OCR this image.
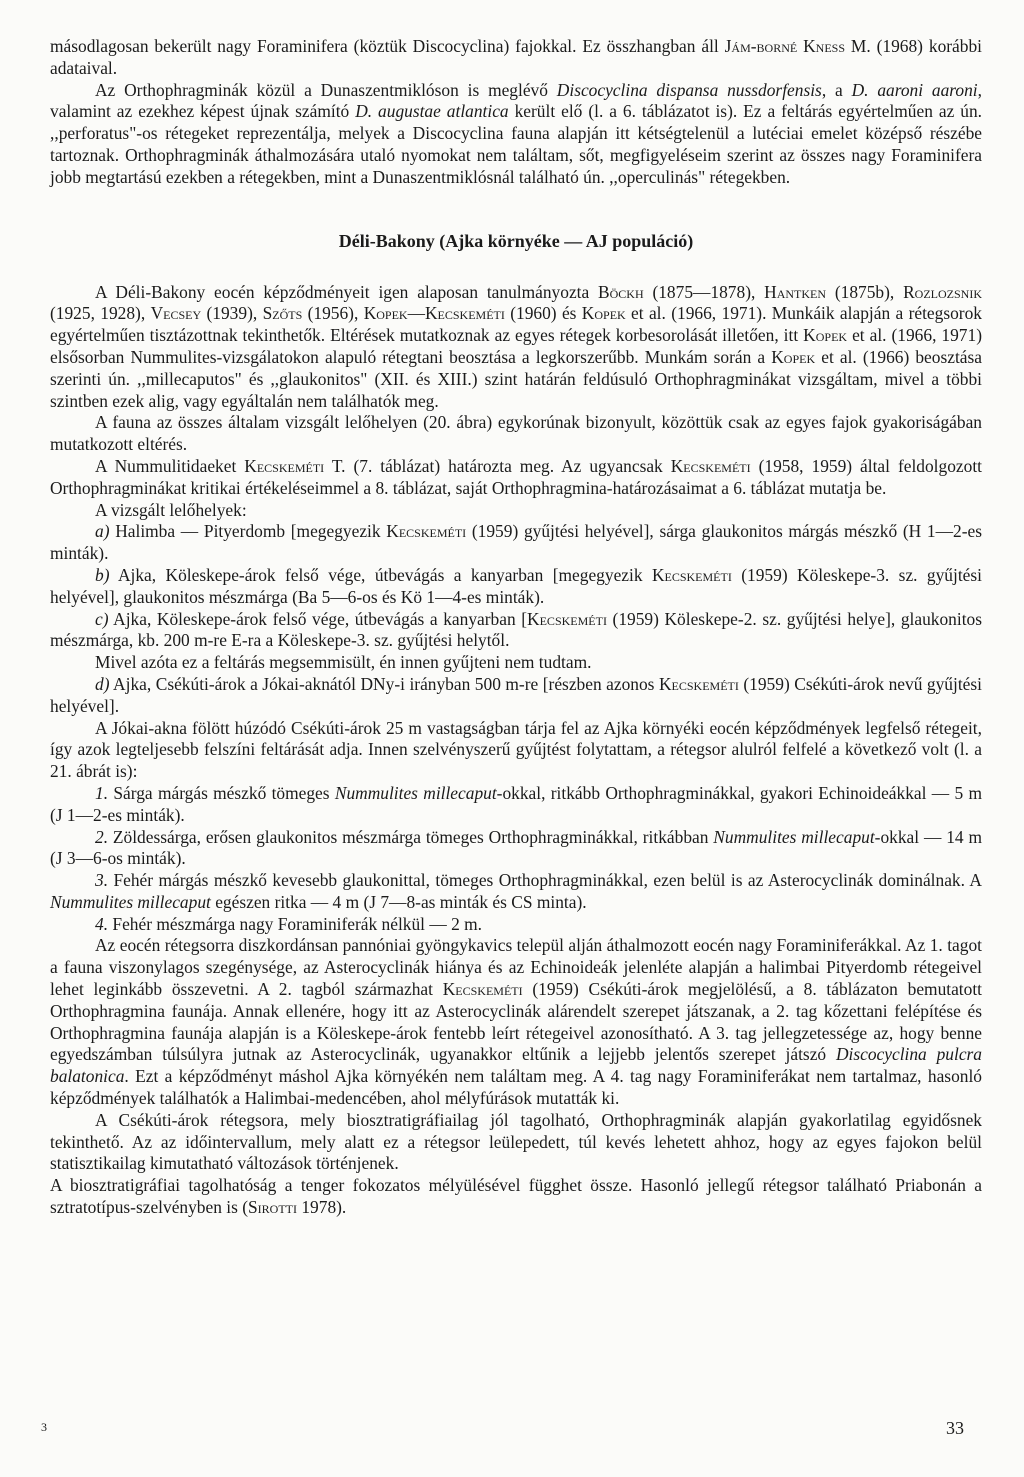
másodlagosan bekerült nagy Foraminifera (köztük Discocyclina) fajokkal. Ez összhangban áll Jám-borné Kness M. (1968) korábbi adataival.

Az Orthophragminák közül a Dunaszentmiklóson is meglévő Discocyclina dispansa nussdorfensis, a D. aaroni aaroni, valamint az ezekhez képest újnak számító D. augustae atlantica került elő (l. a 6. táblázatot is). Ez a feltárás egyértelműen az ún. ,,perforatus"-os rétegeket reprezentálja, melyek a Discocyclina fauna alapján itt kétségtelenül a lutéciai emelet középső részébe tartoznak. Orthophragminák áthalmozására utaló nyomokat nem találtam, sőt, megfigyeléseim szerint az összes nagy Foraminifera jobb megtartású ezekben a rétegekben, mint a Dunaszentmiklósnál található ún. ,,operculinás" rétegekben.

Déli-Bakony (Ajka környéke — AJ populáció)

A Déli-Bakony eocén képződményeit igen alaposan tanulmányozta Böckh (1875—1878), Hantken (1875b), Rozlozsnik (1925, 1928), Vecsey (1939), Szőts (1956), Kopek—Kecskeméti (1960) és Kopek et al. (1966, 1971). Munkáik alapján a rétegsorok egyértelműen tisztázottnak tekinthetők. Eltérések mutatkoznak az egyes rétegek korbesorolását illetően, itt Kopek et al. (1966, 1971) elsősorban Nummulites-vizsgálatokon alapuló rétegtani beosztása a legkorszerűbb. Munkám során a Kopek et al. (1966) beosztása szerinti ún. ,,millecaputos" és ,,glaukonitos" (XII. és XIII.) szint határán feldúsuló Orthophragminákat vizsgáltam, mivel a többi szintben ezek alig, vagy egyáltalán nem találhatók meg.

A fauna az összes általam vizsgált lelőhelyen (20. ábra) egykorúnak bizonyult, közöttük csak az egyes fajok gyakoriságában mutatkozott eltérés.

A Nummulitidaeket Kecskeméti T. (7. táblázat) határozta meg. Az ugyancsak Kecskeméti (1958, 1959) által feldolgozott Orthophragminákat kritikai értékeléseimmel a 8. táblázat, saját Orthophragmina-határozásaimat a 6. táblázat mutatja be.

A vizsgált lelőhelyek:

a) Halimba — Pityerdomb [megegyezik Kecskeméti (1959) gyűjtési helyével], sárga glaukonitos márgás mészkő (H 1—2-es minták).

b) Ajka, Köleskepe-árok felső vége, útbevágás a kanyarban [megegyezik Kecskeméti (1959) Köleskepe-3. sz. gyűjtési helyével], glaukonitos mészmárga (Ba 5—6-os és Kö 1—4-es minták).

c) Ajka, Köleskepe-árok felső vége, útbevágás a kanyarban [Kecskeméti (1959) Köleskepe-2. sz. gyűjtési helye], glaukonitos mészmárga, kb. 200 m-re E-ra a Köleskepe-3. sz. gyűjtési helytől.

Mivel azóta ez a feltárás megsemmisült, én innen gyűjteni nem tudtam.

d) Ajka, Csékúti-árok a Jókai-aknától DNy-i irányban 500 m-re [részben azonos Kecskeméti (1959) Csékúti-árok nevű gyűjtési helyével].

A Jókai-akna fölött húzódó Csékúti-árok 25 m vastagságban tárja fel az Ajka környéki eocén képződmények legfelső rétegeit, így azok legteljesebb felszíni feltárását adja. Innen szelvényszerű gyűjtést folytattam, a rétegsor alulról felfelé a következő volt (l. a 21. ábrát is):

1. Sárga márgás mészkő tömeges Nummulites millecaput-okkal, ritkább Orthophragminákkal, gyakori Echinoideákkal — 5 m (J 1—2-es minták).

2. Zöldessárga, erősen glaukonitos mészmárga tömeges Orthophragminákkal, ritkábban Nummulites millecaput-okkal — 14 m (J 3—6-os minták).

3. Fehér márgás mészkő kevesebb glaukonittal, tömeges Orthophragminákkal, ezen belül is az Asterocyclinák dominálnak. A Nummulites millecaput egészen ritka — 4 m (J 7—8-as minták és CS minta).

4. Fehér mészmárga nagy Foraminiferák nélkül — 2 m.

Az eocén rétegsorra diszkordánsan pannóniai gyöngykavics települ alján áthalmozott eocén nagy Foraminiferákkal. Az 1. tagot a fauna viszonylagos szegénysége, az Asterocyclinák hiánya és az Echinoideák jelenléte alapján a halimbai Pityerdomb rétegeivel lehet leginkább összevetni. A 2. tagból származhat Kecskeméti (1959) Csékúti-árok megjelölésű, a 8. táblázaton bemutatott Orthophragmina faunája. Annak ellenére, hogy itt az Asterocyclinák alárendelt szerepet játszanak, a 2. tag kőzettani felépítése és Orthophragmina faunája alapján is a Köleskepe-árok fentebb leírt rétegeivel azonosítható. A 3. tag jellegzetessége az, hogy benne egyedszámban túlsúlyra jutnak az Asterocyclinák, ugyanakkor eltűnik a lejjebb jelentős szerepet játszó Discocyclina pulcra balatonica. Ezt a képződményt máshol Ajka környékén nem találtam meg. A 4. tag nagy Foraminiferákat nem tartalmaz, hasonló képződmények találhatók a Halimbai-medencében, ahol mélyfúrások mutatták ki.

A Csékúti-árok rétegsora, mely biosztratigráfiailag jól tagolható, Orthophragminák alapján gyakorlatilag egyidősnek tekinthető. Az az időintervallum, mely alatt ez a rétegsor leülepedett, túl kevés lehetett ahhoz, hogy az egyes fajokon belül statisztikailag kimutatható változások történjenek.

A biosztratigráfiai tagolhatóság a tenger fokozatos mélyülésével függhet össze. Hasonló jellegű rétegsor található Priabonán a sztratotípus-szelvényben is (Sirotti 1978).

3	33
